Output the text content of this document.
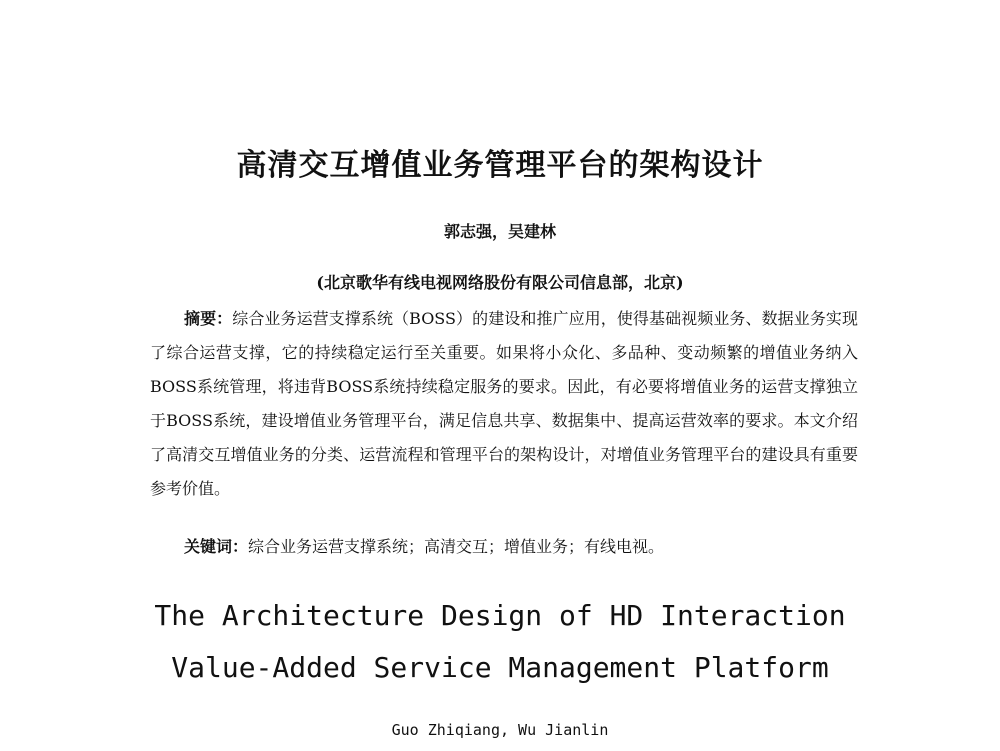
高清交互增值业务管理平台的架构设计
郭志强，吴建林
(北京歌华有线电视网络股份有限公司信息部，北京)
摘要：综合业务运营支撑系统（BOSS）的建设和推广应用，使得基础视频业务、数据业务实现了综合运营支撑，它的持续稳定运行至关重要。如果将小众化、多品种、变动频繁的增值业务纳入BOSS系统管理，将违背BOSS系统持续稳定服务的要求。因此，有必要将增值业务的运营支撑独立于BOSS系统，建设增值业务管理平台，满足信息共享、数据集中、提高运营效率的要求。本文介绍了高清交互增值业务的分类、运营流程和管理平台的架构设计，对增值业务管理平台的建设具有重要参考价值。
关键词：综合业务运营支撑系统；高清交互；增值业务；有线电视。
The Architecture Design of HD Interaction
Value-Added Service Management Platform
Guo Zhiqiang, Wu Jianlin
